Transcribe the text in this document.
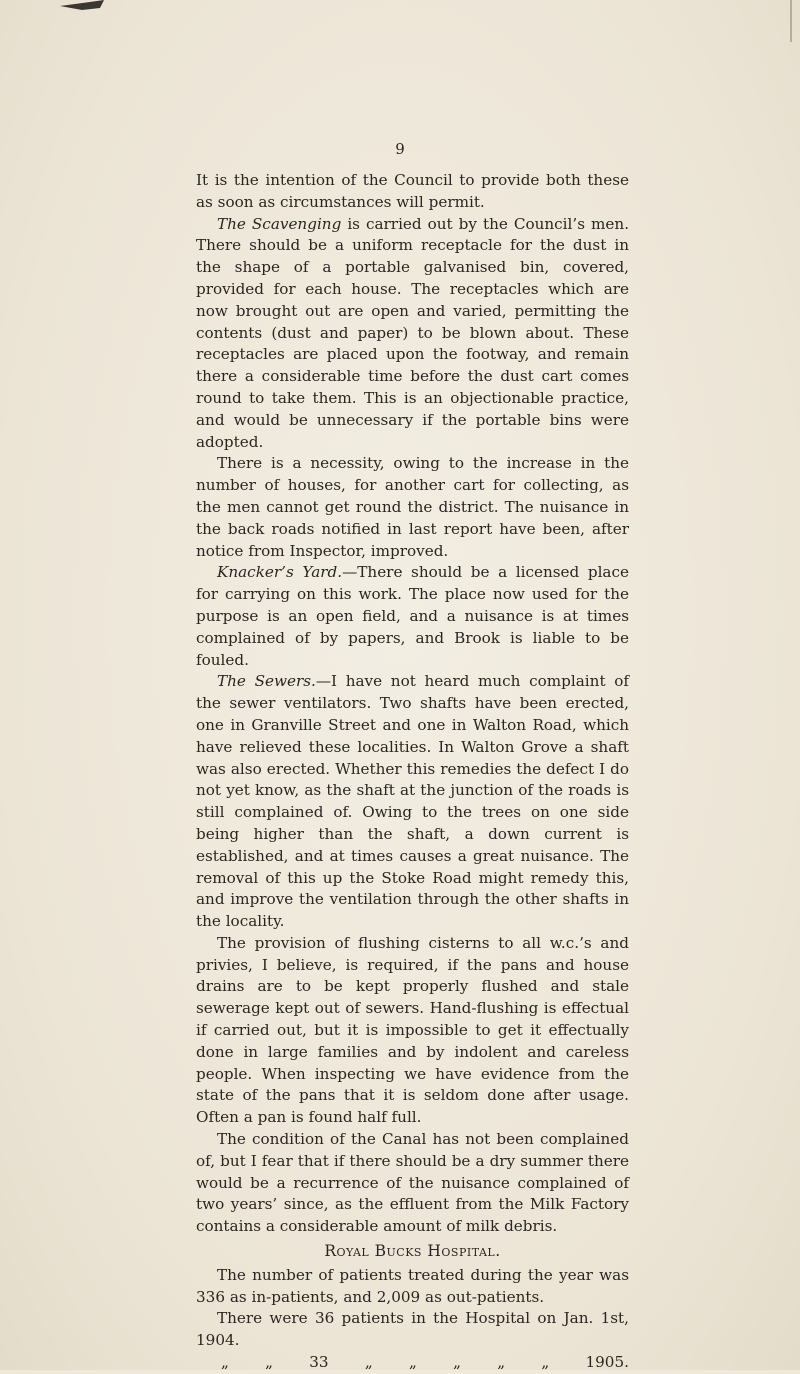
9

It is the intention of the Council to provide both these as soon as circumstances will permit.

The Scavenging is carried out by the Council’s men. There should be a uniform receptacle for the dust in the shape of a portable galvanised bin, covered, provided for each house. The receptacles which are now brought out are open and varied, permitting the contents (dust and paper) to be blown about. These receptacles are placed upon the footway, and remain there a considerable time before the dust cart comes round to take them. This is an objectionable practice, and would be unnecessary if the portable bins were adopted.

There is a necessity, owing to the increase in the number of houses, for another cart for collecting, as the men cannot get round the district. The nuisance in the back roads notified in last report have been, after notice from Inspector, improved.

Knacker’s Yard.—There should be a licensed place for carrying on this work. The place now used for the purpose is an open field, and a nuisance is at times complained of by papers, and Brook is liable to be fouled.

The Sewers.—I have not heard much complaint of the sewer ventilators. Two shafts have been erected, one in Granville Street and one in Walton Road, which have relieved these localities. In Walton Grove a shaft was also erected. Whether this remedies the defect I do not yet know, as the shaft at the junction of the roads is still complained of. Owing to the trees on one side being higher than the shaft, a down current is established, and at times causes a great nuisance. The removal of this up the Stoke Road might remedy this, and improve the ventilation through the other shafts in the locality.

The provision of flushing cisterns to all w.c.’s and privies, I believe, is required, if the pans and house drains are to be kept properly flushed and stale sewerage kept out of sewers. Hand-flushing is effectual if carried out, but it is impossible to get it effectually done in large families and by indolent and careless people. When inspecting we have evidence from the state of the pans that it is seldom done after usage. Often a pan is found half full.

The condition of the Canal has not been complained of, but I fear that if there should be a dry summer there would be a recurrence of the nuisance complained of two years’ since, as the effluent from the Milk Factory contains a considerable amount of milk debris.

Royal Bucks Hospital.

The number of patients treated during the year was 336 as in-patients, and 2,009 as out-patients.

There were 36 patients in the Hospital on Jan. 1st, 1904.

„ „ 33 „ „ „ „ „ 1905.
